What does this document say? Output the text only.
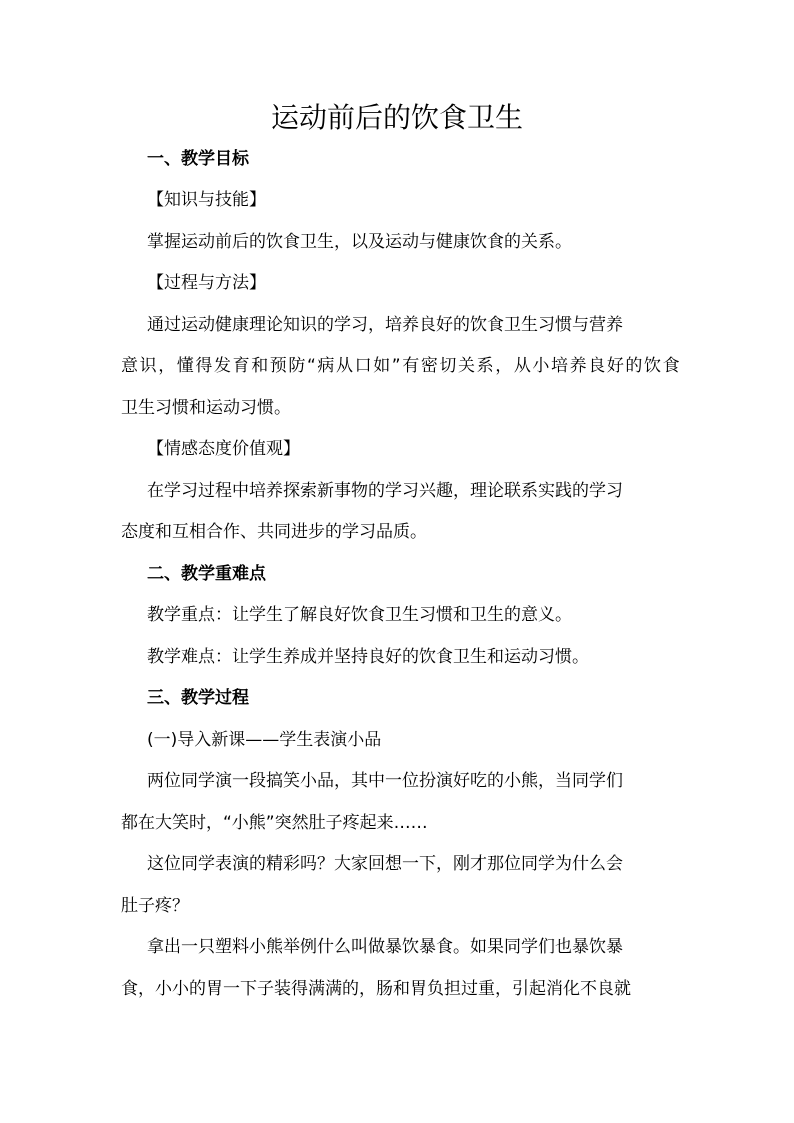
运动前后的饮食卫生
一、教学目标
【知识与技能】
掌握运动前后的饮食卫生，以及运动与健康饮食的关系。
【过程与方法】
通过运动健康理论知识的学习，培养良好的饮食卫生习惯与营养
意识，懂得发育和预防“病从口如”有密切关系，从小培养良好的饮食
卫生习惯和运动习惯。
【情感态度价值观】
在学习过程中培养探索新事物的学习兴趣，理论联系实践的学习
态度和互相合作、共同进步的学习品质。
二、教学重难点
教学重点：让学生了解良好饮食卫生习惯和卫生的意义。
教学难点：让学生养成并坚持良好的饮食卫生和运动习惯。
三、教学过程
(一)导入新课——学生表演小品
两位同学演一段搞笑小品，其中一位扮演好吃的小熊，当同学们
都在大笑时，“小熊”突然肚子疼起来……
这位同学表演的精彩吗？大家回想一下，刚才那位同学为什么会
肚子疼？
拿出一只塑料小熊举例什么叫做暴饮暴食。如果同学们也暴饮暴
食，小小的胃一下子装得满满的，肠和胃负担过重，引起消化不良就
